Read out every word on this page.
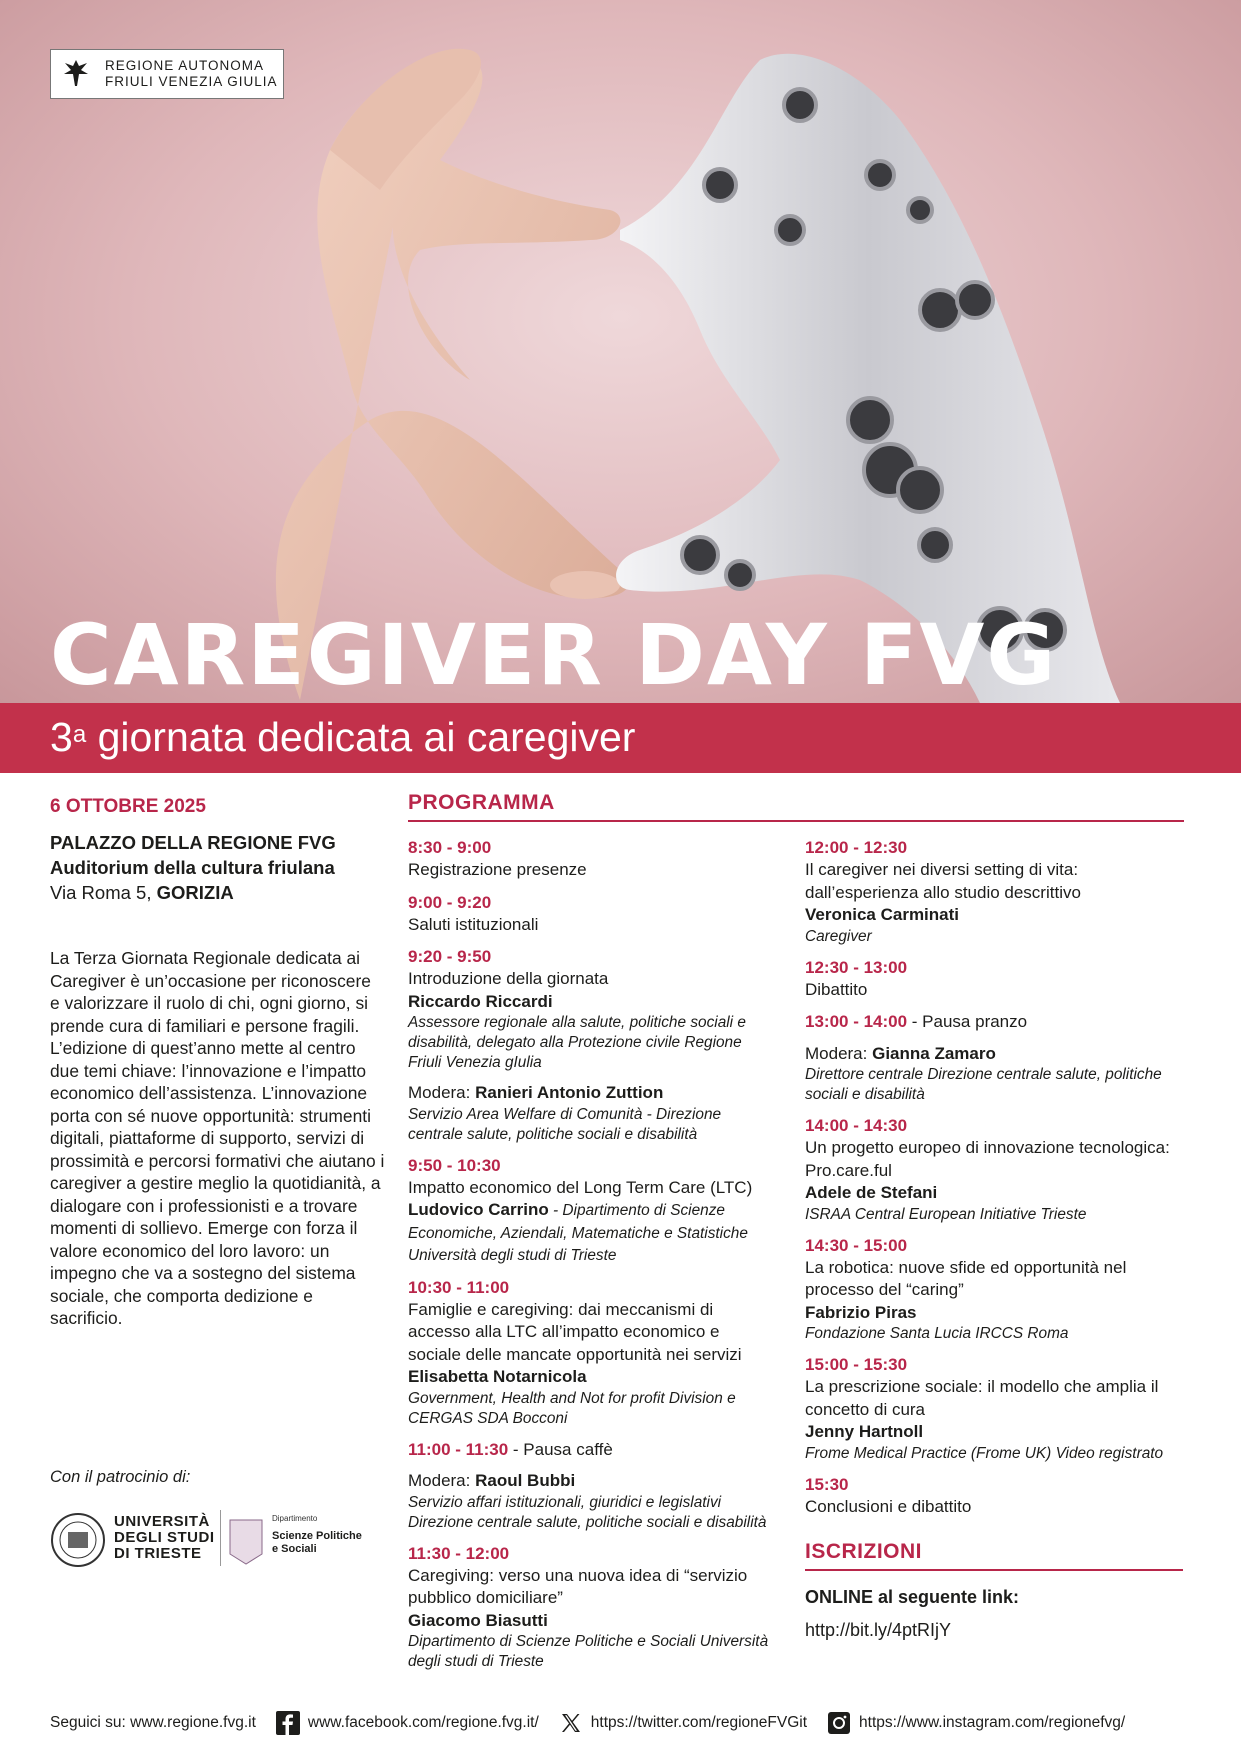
REGIONE AUTONOMA
FRIULI VENEZIA GIULIA
CAREGIVER DAY FVG
3$^a$ giornata dedicata ai caregiver
6 OTTOBRE 2025
PALAZZO DELLA REGIONE FVG
Auditorium della cultura friulana
Via Roma 5, GORIZIA
La Terza Giornata Regionale dedicata ai Caregiver è un’occasione per riconoscere e valorizzare il ruolo di chi, ogni giorno, si prende cura di familiari e persone fragili. L’edizione di quest’anno mette al centro due temi chiave: l’innovazione e l’impatto economico dell’assistenza. L’innovazione porta con sé nuove opportunità: strumenti digitali, piattaforme di supporto, servizi di prossimità e percorsi formativi che aiutano i caregiver a gestire meglio la quotidianità, a dialogare con i professionisti e a trovare momenti di sollievo. Emerge con forza il valore economico del loro lavoro: un impegno che va a sostegno del sistema sociale, che comporta dedizione e sacrificio.
Con il patrocinio di:
UNIVERSITÀ
DEGLI STUDI
DI TRIESTE
Dipartimento
Scienze Politiche
e Sociali
PROGRAMMA
8:30 - 9:00
Registrazione presenze
9:00 - 9:20
Saluti istituzionali
9:20 - 9:50
Introduzione della giornata
Riccardo Riccardi
Assessore regionale alla salute, politiche sociali e disabilità, delegato alla Protezione civile Regione Friuli Venezia gIulia
Modera: Ranieri Antonio Zuttion
Servizio Area Welfare di Comunità - Direzione centrale salute, politiche sociali e disabilità
9:50 - 10:30
Impatto economico del Long Term Care (LTC)
Ludovico Carrino - Dipartimento di Scienze Economiche, Aziendali, Matematiche e Statistiche Università degli studi di Trieste
10:30 - 11:00
Famiglie e caregiving: dai meccanismi di accesso alla LTC all’impatto economico e sociale delle mancate opportunità nei servizi
Elisabetta Notarnicola
Government, Health and Not for profit Division e CERGAS SDA Bocconi
11:00 - 11:30 - Pausa caffè
Modera: Raoul Bubbi
Servizio affari istituzionali, giuridici e legislativi Direzione centrale salute, politiche sociali e disabilità
11:30 - 12:00
Caregiving: verso una nuova idea di “servizio pubblico domiciliare”
Giacomo Biasutti
Dipartimento di Scienze Politiche e Sociali Università degli studi di Trieste
12:00 - 12:30
Il caregiver nei diversi setting di vita: dall’esperienza allo studio descrittivo
Veronica Carminati
Caregiver
12:30 - 13:00
Dibattito
13:00 - 14:00 - Pausa pranzo
Modera: Gianna Zamaro
Direttore centrale Direzione centrale salute, politiche sociali e disabilità
14:00 - 14:30
Un progetto europeo di innovazione tecnologica: Pro.care.ful
Adele de Stefani
ISRAA Central European Initiative Trieste
14:30 - 15:00
La robotica: nuove sfide ed opportunità nel processo del “caring”
Fabrizio Piras
Fondazione Santa Lucia IRCCS Roma
15:00 - 15:30
La prescrizione sociale: il modello che amplia il concetto di cura
Jenny Hartnoll
Frome Medical Practice (Frome UK) Video registrato
15:30
Conclusioni e dibattito
ISCRIZIONI
ONLINE al seguente link:
http://bit.ly/4ptRIjY
Seguici su: www.regione.fvg.it	www.facebook.com/regione.fvg.it/	https://twitter.com/regioneFVGit	https://www.instagram.com/regionefvg/
